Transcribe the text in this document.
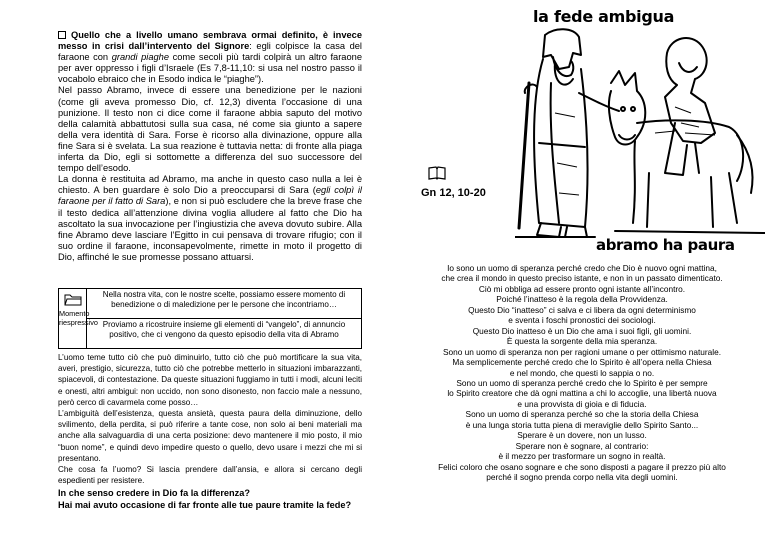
Quello che a livello umano sembrava ormai definito, è invece messo in crisi dall’intervento del Signore: egli colpisce la casa del faraone con grandi piaghe come secoli più tardi colpirà un altro faraone per aver oppresso i figli d’Israele (Es 7,8-11,10: si usa nel nostro passo il vocabolo ebraico che in Esodo indica le “piaghe”).
Nel passo Abramo, invece di essere una benedizione per le nazioni (come gli aveva promesso Dio, cf. 12,3) diventa l’occasione di una punizione. Il testo non ci dice come il faraone abbia saputo del motivo della calamità abbattutosi sulla sua casa, né come sia giunto a sapere della vera identità di Sara. Forse è ricorso alla divinazione, oppure alla fine Sara si è svelata. La sua reazione è tuttavia netta: di fronte alla piaga inferta da Dio, egli si sottomette a differenza del suo successore del tempo dell’esodo.
La donna è restituita ad Abramo, ma anche in questo caso nulla a lei è chiesto. A ben guardare è solo Dio a preoccuparsi di Sara (egli colpì il faraone per il fatto di Sara), e non si può escludere che la breve frase che il testo dedica all’attenzione divina voglia alludere al fatto che Dio ha ascoltato la sua invocazione per l’ingiustizia che aveva dovuto subire. Alla fine Abramo deve lasciare l’Egitto in cui pensava di trovare rifugio; con il suo ordine il faraone, inconsapevolmente, rimette in moto il progetto di Dio, affinché le sue promesse possano attuarsi.
Momento riespressivo
Nella nostra vita, con le nostre scelte, possiamo essere momento di benedizione o di maledizione per le persone che incontriamo…
Proviamo a ricostruire insieme gli elementi di “vangelo”, di annuncio positivo, che ci vengono da questo episodio della vita di Abramo
L’uomo teme tutto ciò che può diminuirlo, tutto ciò che può mortificare la sua vita, averi, prestigio, sicurezza, tutto ciò che potrebbe metterlo in situazioni imbarazzanti, spiacevoli, di contestazione. Da queste situazioni fuggiamo in tutti i modi, alcuni leciti e onesti, altri ambigui: non uccido, non sono disonesto, non faccio male a nessuno, però cerco di cavarmela come posso…
L’ambiguità dell’esistenza, questa ansietà, questa paura della diminuzione, dello svilimento, della perdita, si può riferire a tante cose, non solo ai beni materiali ma anche alla salvaguardia di una certa posizione: devo mantenere il mio posto, il mio “buon nome”, e quindi devo impedire questo o quello, devo usare i mezzi che mi si presentano.
Che cosa fa l’uomo? Si lascia prendere dall’ansia, e allora si cercano degli espedienti per resistere.
In che senso credere in Dio fa la differenza?
Hai mai avuto occasione di far fronte alle tue paure tramite la fede?
la fede ambigua
Gn 12, 10-20
abramo ha paura
Io sono un uomo di speranza perché credo che Dio è nuovo ogni mattina,
che crea il mondo in questo preciso istante, e non in un passato dimenticato.
Ciò mi obbliga ad essere pronto ogni istante all’incontro.
Poiché l’inatteso è la regola della Provvidenza.
Questo Dio “inatteso” ci salva e ci libera da ogni determinismo
e sventa i foschi pronostici dei sociologi.
Questo Dio inatteso è un Dio che ama i suoi figli, gli uomini.
È questa la sorgente della mia speranza.
Sono un uomo di speranza non per ragioni umane o per ottimismo naturale.
Ma semplicemente perché credo che lo Spirito è all’opera nella Chiesa
e nel mondo, che questi lo sappia o no.
Sono un uomo di speranza perché credo che lo Spirito è per sempre
lo Spirito creatore che dà ogni mattina a chi lo accoglie, una libertà nuova
e una provvista di gioia e di fiducia.
Sono un uomo di speranza perché so che la storia della Chiesa
è una lunga storia tutta piena di meraviglie dello Spirito Santo...
Sperare è un dovere, non un lusso.
Sperare non è sognare, al contrario:
è il mezzo per trasformare un sogno in realtà.
Felici coloro che osano sognare e che sono disposti a pagare il prezzo più alto
perché il sogno prenda corpo nella vita degli uomini.
